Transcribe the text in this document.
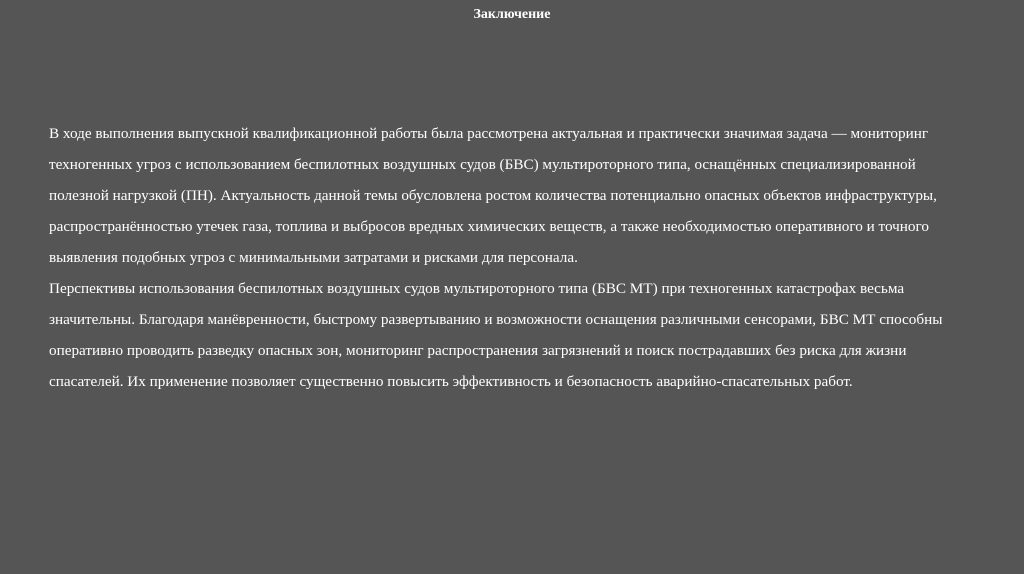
Заключение

В ходе выполнения выпускной квалификационной работы была рассмотрена актуальная и практически значимая задача — мониторинг техногенных угроз с использованием беспилотных воздушных судов (БВС) мультироторного типа, оснащённых специализированной полезной нагрузкой (ПН). Актуальность данной темы обусловлена ростом количества потенциально опасных объектов инфраструктуры, распространённостью утечек газа, топлива и выбросов вредных химических веществ, а также необходимостью оперативного и точного выявления подобных угроз с минимальными затратами и рисками для персонала.

Перспективы использования беспилотных воздушных судов мультироторного типа (БВС МТ) при техногенных катастрофах весьма значительны. Благодаря манёвренности, быстрому развертыванию и возможности оснащения различными сенсорами, БВС МТ способны оперативно проводить разведку опасных зон, мониторинг распространения загрязнений и поиск пострадавших без риска для жизни спасателей. Их применение позволяет существенно повысить эффективность и безопасность аварийно-спасательных работ.
